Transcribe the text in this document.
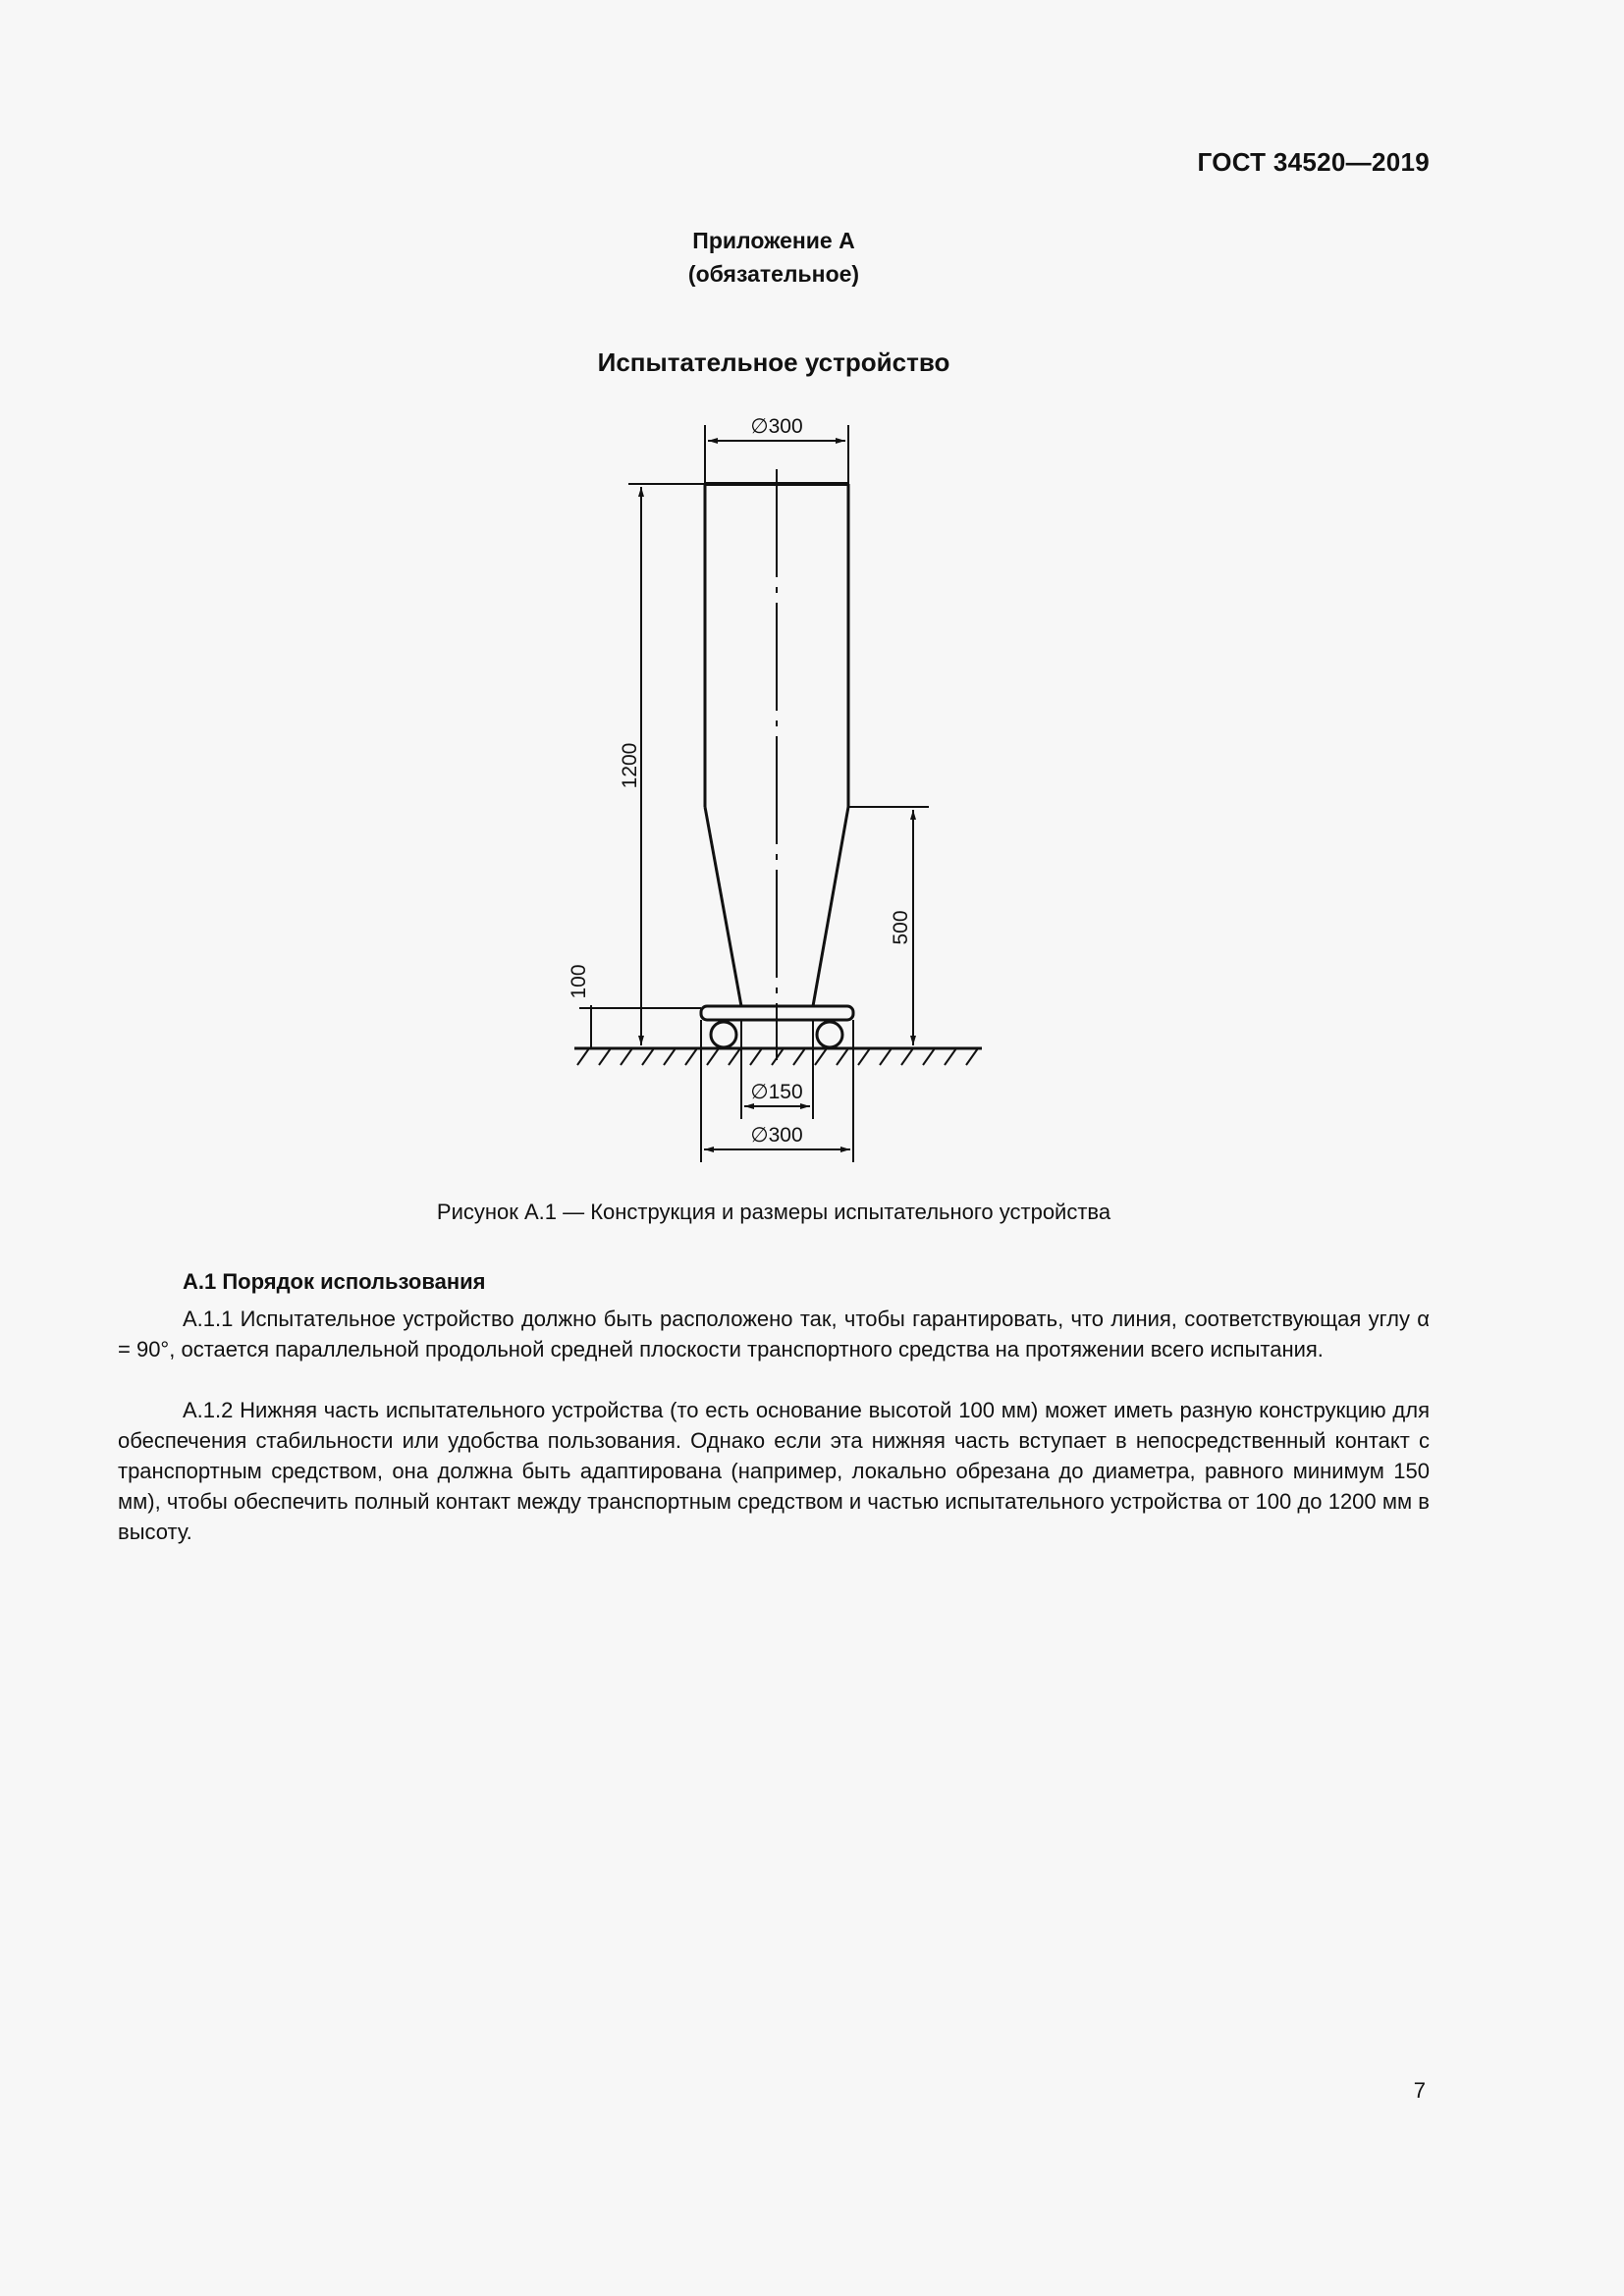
ГОСТ 34520—2019
Приложение А
(обязательное)
Испытательное устройство
∅300
1200
100
500
∅150
∅300
Рисунок А.1 — Конструкция и размеры испытательного устройства
А.1 Порядок использования

А.1.1 Испытательное устройство должно быть расположено так, чтобы гарантировать, что линия, соответствующая углу α = 90°, остается параллельной продольной средней плоскости транспортного средства на протяжении всего испытания.

А.1.2 Нижняя часть испытательного устройства (то есть основание высотой 100 мм) может иметь разную конструкцию для обеспечения стабильности или удобства пользования. Однако если эта нижняя часть вступает в непосредственный контакт с транспортным средством, она должна быть адаптирована (например, локально обрезана до диаметра, равного минимум 150 мм), чтобы обеспечить полный контакт между транспортным средством и частью испытательного устройства от 100 до 1200 мм в высоту.

7
